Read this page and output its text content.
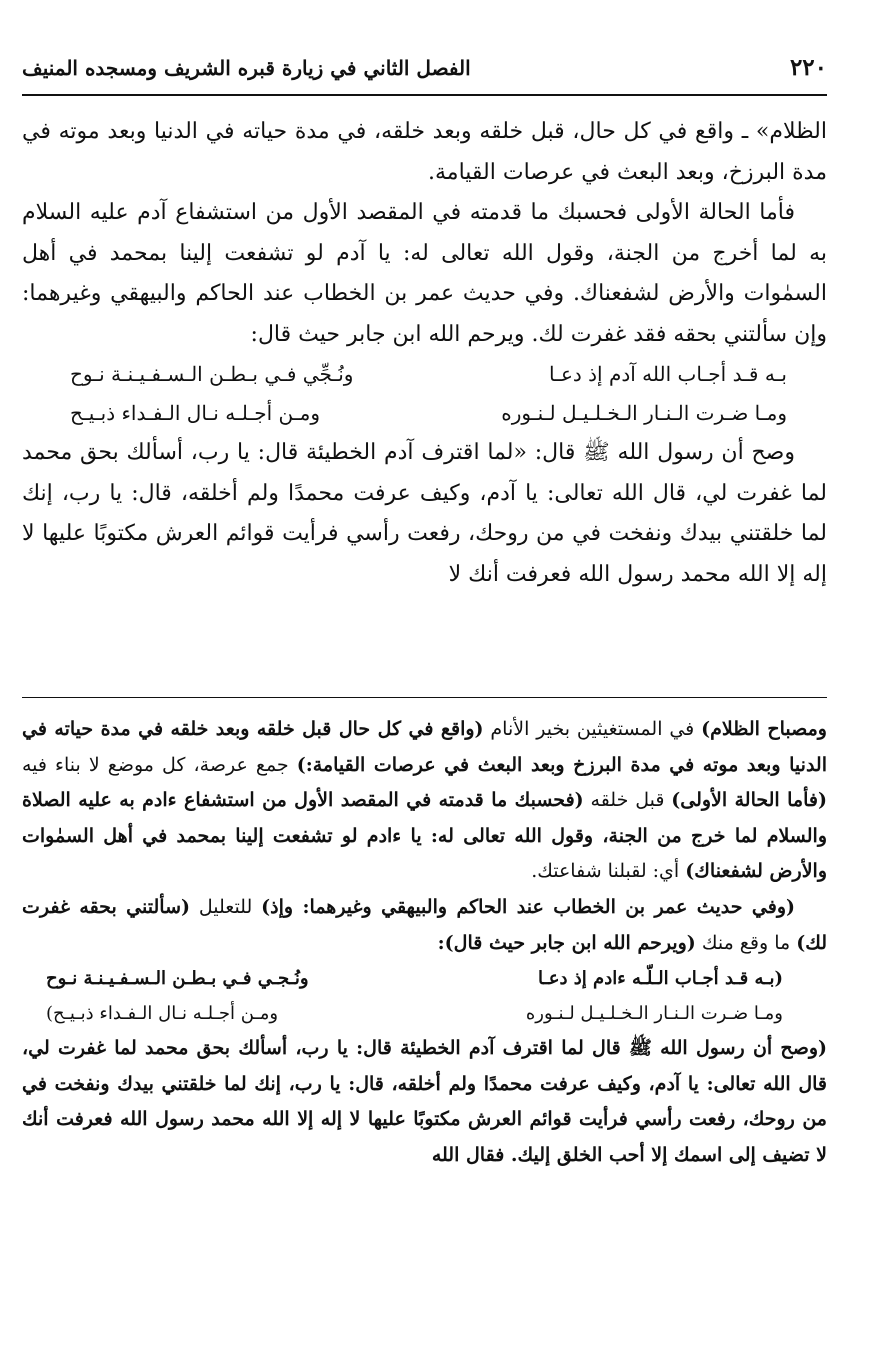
الفصل الثاني في زيارة قبره الشريف ومسجده المنيف	٢٢٠

الظلام» ـ واقع في كل حال، قبل خلقه وبعد خلقه، في مدة حياته في الدنيا وبعد موته في مدة البرزخ، وبعد البعث في عرصات القيامة.

فأما الحالة الأولى فحسبك ما قدمته في المقصد الأول من استشفاع آدم عليه السلام به لما أخرج من الجنة، وقول الله تعالى له: يا آدم لو تشفعت إلينا بمحمد في أهل السمٰوات والأرض لشفعناك. وفي حديث عمر بن الخطاب عند الحاكم والبيهقي وغيرهما: وإن سألتني بحقه فقد غفرت لك. ويرحم الله ابن جابر حيث قال:

بـه قـد أجـاب الله آدم إذ دعـا
ونُـجِّي فـي بـطـن الـسـفـيـنـة نـوح
ومـا ضـرت الـنـار الـخـلـيـل لـنـوره
ومـن أجـلـه نـال الـفـداء ذبـيـح

وصح أن رسول الله ﷺ قال: «لما اقترف آدم الخطيئة قال: يا رب، أسألك بحق محمد لما غفرت لي، قال الله تعالى: يا آدم، وكيف عرفت محمدًا ولم أخلقه، قال: يا رب، إنك لما خلقتني بيدك ونفخت في من روحك، رفعت رأسي فرأيت قوائم العرش مكتوبًا عليها لا إله إلا الله محمد رسول الله فعرفت أنك لا

ومصباح الظلام) في المستغيثين بخير الأنام (واقع في كل حال قبل خلقه وبعد خلقه في مدة حياته في الدنيا وبعد موته في مدة البرزخ وبعد البعث في عرصات القيامة:) جمع عرصة، كل موضع لا بناء فيه (فأما الحالة الأولى) قبل خلقه (فحسبك ما قدمته في المقصد الأول من استشفاع ءادم به عليه الصلاة والسلام لما خرج من الجنة، وقول الله تعالى له: يا ءادم لو تشفعت إلينا بمحمد في أهل السمٰوات والأرض لشفعناك) أي: لقبلنا شفاعتك.

(وفي حديث عمر بن الخطاب عند الحاكم والبيهقي وغيرهما: وإذ) للتعليل (سألتني بحقه غفرت لك) ما وقع منك (ويرحم الله ابن جابر حيث قال):

(بـه قـد أجـاب الـلّـه ءادم إذ دعـا
ونُـجـي فـي بـطـن الـسـفـيـنـة نـوح
ومـا ضـرت الـنـار الـخـلـيـل لـنـوره
ومـن أجـلـه نـال الـفـداء ذبـيـح)

(وصح أن رسول الله ﷺ قال لما اقترف آدم الخطيئة قال: يا رب، أسألك بحق محمد لما غفرت لي، قال الله تعالى: يا آدم، وكيف عرفت محمدًا ولم أخلقه، قال: يا رب، إنك لما خلقتني بيدك ونفخت في من روحك، رفعت رأسي فرأيت قوائم العرش مكتوبًا عليها لا إله إلا الله محمد رسول الله فعرفت أنك لا تضيف إلى اسمك إلا أحب الخلق إليك. فقال الله
